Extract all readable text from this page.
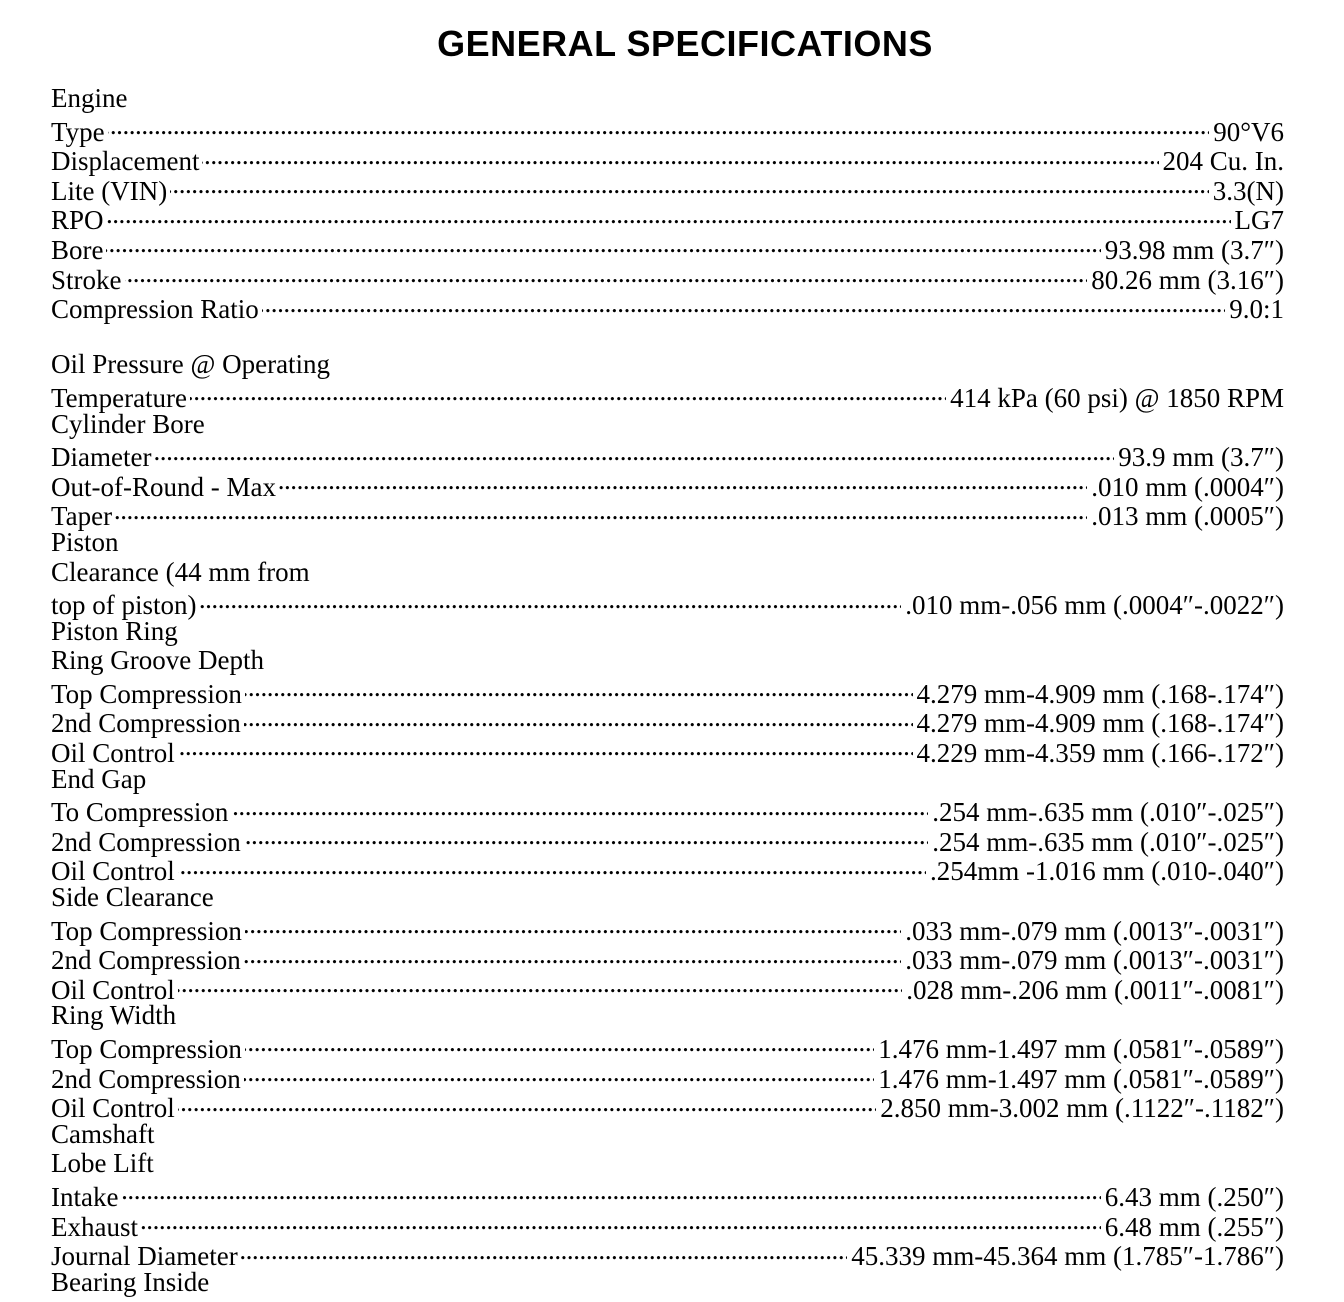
GENERAL SPECIFICATIONS
Engine
Type . . .	90°V6
Displacement . . .	204 Cu. In.
Lite (VIN) . . .	3.3(N)
RPO . . .	LG7
Bore . . .	93.98 mm (3.7″)
Stroke . . .	80.26 mm (3.16″)
Compression Ratio . . .	9.0:1
Oil Pressure @ Operating
Temperature . . .	414 kPa (60 psi) @ 1850 RPM
Cylinder Bore
Diameter . . .	93.9 mm (3.7″)
Out-of-Round - Max . . .	.010 mm (.0004″)
Taper . . .	.013 mm (.0005″)
Piston
Clearance (44 mm from
top of piston) . . .	.010 mm-.056 mm (.0004″-.0022″)
Piston Ring
Ring Groove Depth
Top Compression . . .	4.279 mm-4.909 mm (.168-.174″)
2nd Compression . . .	4.279 mm-4.909 mm (.168-.174″)
Oil Control . . .	4.229 mm-4.359 mm (.166-.172″)
End Gap
To Compression . . .	.254 mm-.635 mm (.010″-.025″)
2nd Compression . . .	.254 mm-.635 mm (.010″-.025″)
Oil Control . . .	.254mm -1.016 mm (.010-.040″)
Side Clearance
Top Compression . . .	.033 mm-.079 mm (.0013″-.0031″)
2nd Compression . . .	.033 mm-.079 mm (.0013″-.0031″)
Oil Control . . .	.028 mm-.206 mm (.0011″-.0081″)
Ring Width
Top Compression . . .	1.476 mm-1.497 mm (.0581″-.0589″)
2nd Compression . . .	1.476 mm-1.497 mm (.0581″-.0589″)
Oil Control . . .	2.850 mm-3.002 mm (.1122″-.1182″)
Camshaft
Lobe Lift
Intake . . .	6.43 mm (.250″)
Exhaust . . .	6.48 mm (.255″)
Journal Diameter . . .	45.339 mm-45.364 mm (1.785″-1.786″)
Bearing Inside
